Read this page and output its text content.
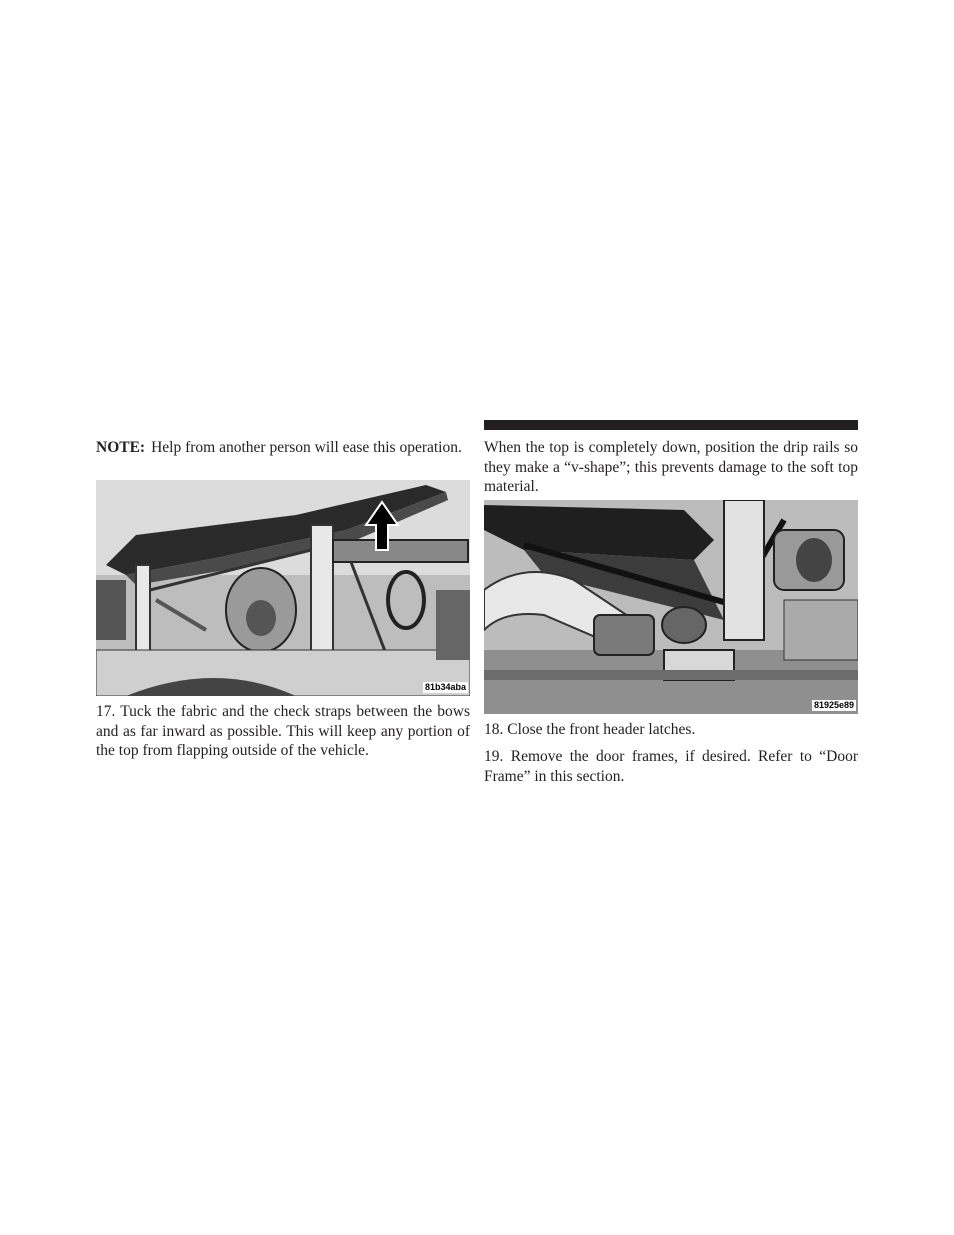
NOTE: Help from another person will ease this operation.

81b34aba

17. Tuck the fabric and the check straps between the bows and as far inward as possible. This will keep any portion of the top from flapping outside of the vehicle.

When the top is completely down, position the drip rails so they make a “v-shape”; this prevents damage to the soft top material.

81925e89

18. Close the front header latches.

19. Remove the door frames, if desired. Refer to “Door Frame” in this section.
